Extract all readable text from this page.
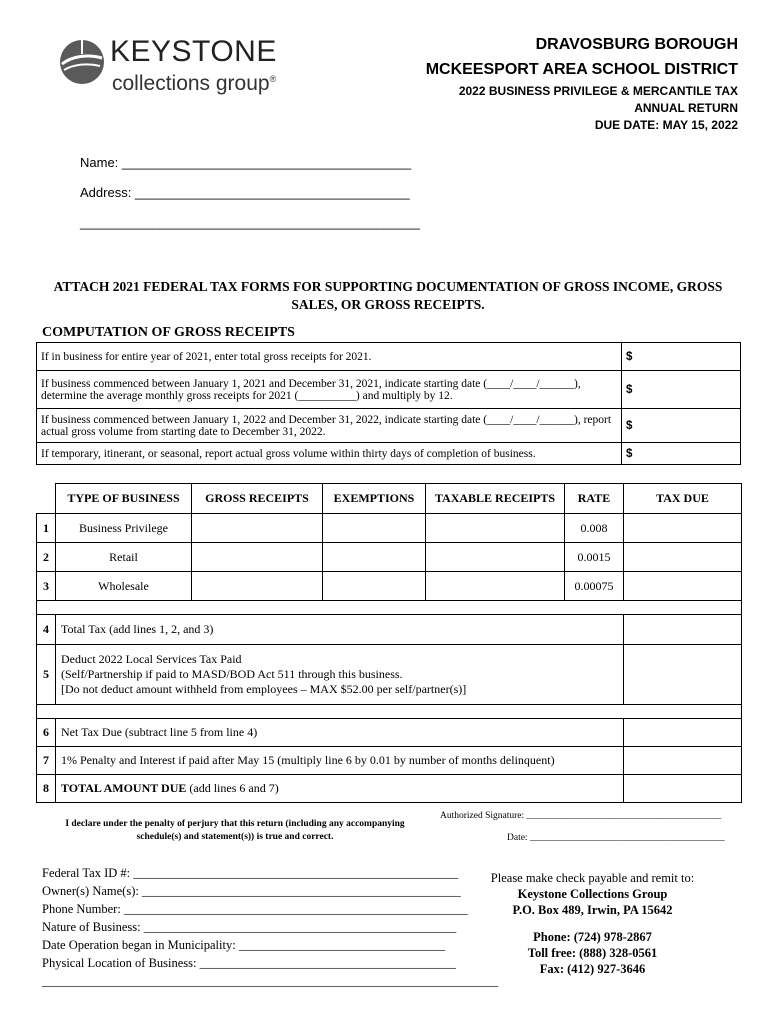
KEYSTONE
collections group®
DRAVOSBURG BOROUGH
MCKEESPORT AREA SCHOOL DISTRICT
2022 BUSINESS PRIVILEGE & MERCANTILE TAX
ANNUAL RETURN
DUE DATE: MAY 15, 2022
Name: ________________________________________
Address: ______________________________________
_______________________________________________
ATTACH 2021 FEDERAL TAX FORMS FOR SUPPORTING DOCUMENTATION OF GROSS INCOME, GROSS SALES, OR GROSS RECEIPTS.
COMPUTATION OF GROSS RECEIPTS
If in business for entire year of 2021, enter total gross receipts for 2021.	$
If business commenced between January 1, 2021 and December 31, 2021, indicate starting date (____/____/______), determine the average monthly gross receipts for 2021 (__________) and multiply by 12.	$
If business commenced between January 1, 2022 and December 31, 2022, indicate starting date (____/____/______), report actual gross volume from starting date to December 31, 2022.	$
If temporary, itinerant, or seasonal, report actual gross volume within thirty days of completion of business.	$
	TYPE OF BUSINESS	GROSS RECEIPTS	EXEMPTIONS	TAXABLE RECEIPTS	RATE	TAX DUE
1	Business Privilege				0.008	
2	Retail				0.0015	
3	Wholesale				0.00075	

4	Total Tax (add lines 1, 2, and 3)					
5	Deduct 2022 Local Services Tax Paid
(Self/Partnership if paid to MASD/BOD Act 511 through this business.
[Do not deduct amount withheld from employees – MAX $52.00 per self/partner(s)]					

6	Net Tax Due (subtract line 5 from line 4)					
7	1% Penalty and Interest if paid after May 15 (multiply line 6 by 0.01 by number of months delinquent)					
8	TOTAL AMOUNT DUE (add lines 6 and 7)					
I declare under the penalty of perjury that this return (including any accompanying schedule(s) and statement(s)) is true and correct.
Authorized Signature: _________________________________________
Date: _________________________________________
Federal Tax ID #: ____________________________________________________
Owner(s) Name(s): ___________________________________________________
Phone Number: _______________________________________________________
Nature of Business: __________________________________________________
Date Operation began in Municipality: _________________________________
Physical Location of Business: _________________________________________
_________________________________________________________________________
Please make check payable and remit to:
Keystone Collections Group
P.O. Box 489, Irwin, PA 15642
Phone: (724) 978-2867
Toll free: (888) 328-0561
Fax: (412) 927-3646
